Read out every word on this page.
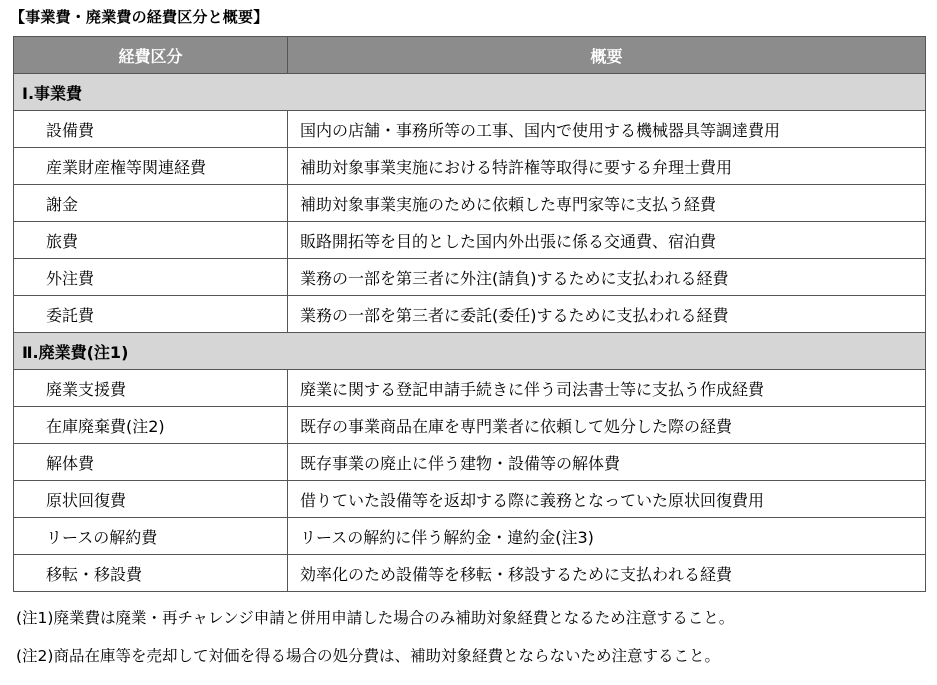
【事業費・廃業費の経費区分と概要】
経費区分	概要
Ⅰ.事業費	
設備費	国内の店舗・事務所等の工事、国内で使用する機械器具等調達費用
産業財産権等関連経費	補助対象事業実施における特許権等取得に要する弁理士費用
謝金	補助対象事業実施のために依頼した専門家等に支払う経費
旅費	販路開拓等を目的とした国内外出張に係る交通費、宿泊費
外注費	業務の一部を第三者に外注(請負)するために支払われる経費
委託費	業務の一部を第三者に委託(委任)するために支払われる経費
Ⅱ.廃業費(注1)	
廃業支援費	廃業に関する登記申請手続きに伴う司法書士等に支払う作成経費
在庫廃棄費(注2)	既存の事業商品在庫を専門業者に依頼して処分した際の経費
解体費	既存事業の廃止に伴う建物・設備等の解体費
原状回復費	借りていた設備等を返却する際に義務となっていた原状回復費用
リースの解約費	リースの解約に伴う解約金・違約金(注3)
移転・移設費	効率化のため設備等を移転・移設するために支払われる経費
(注1)廃業費は廃業・再チャレンジ申請と併用申請した場合のみ補助対象経費となるため注意すること。
(注2)商品在庫等を売却して対価を得る場合の処分費は、補助対象経費とならないため注意すること。
